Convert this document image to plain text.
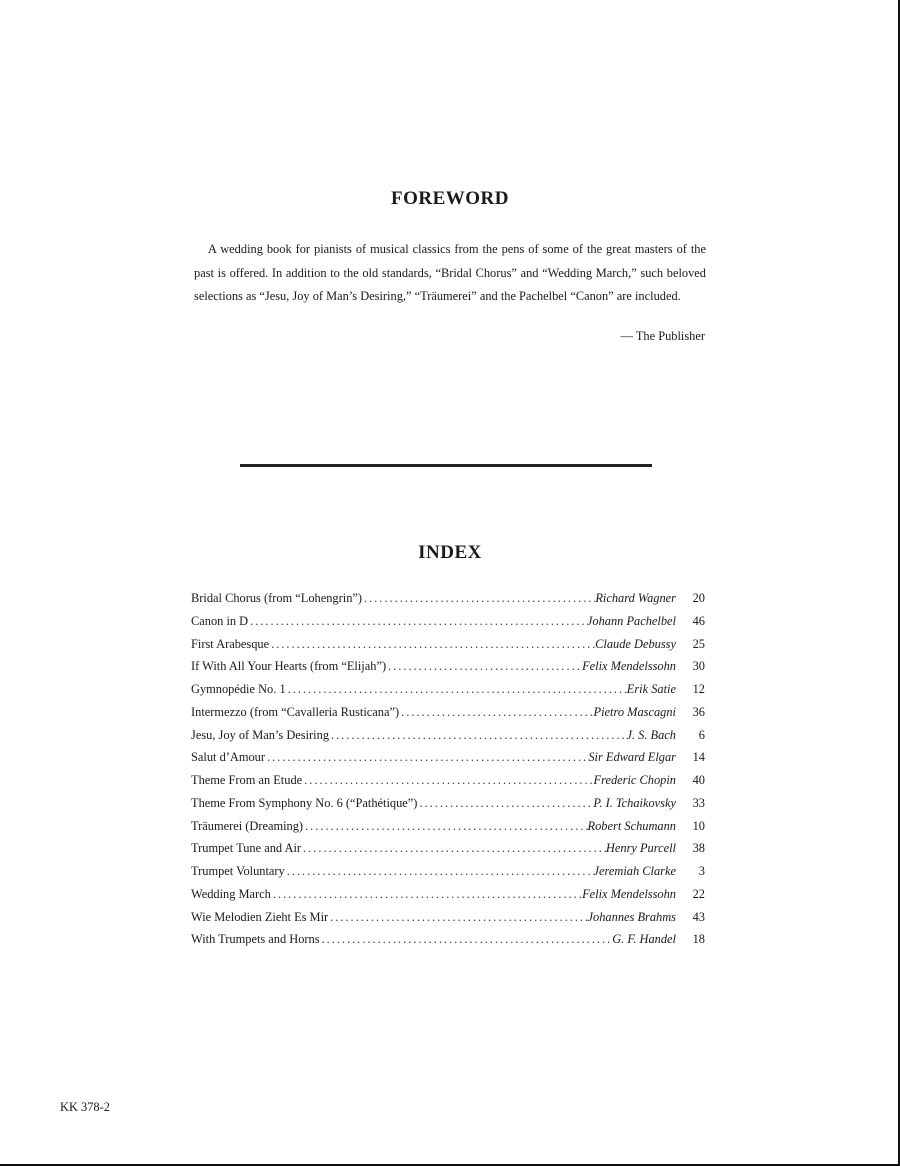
FOREWORD
A wedding book for pianists of musical classics from the pens of some of the great masters of the past is offered. In addition to the old standards, “Bridal Chorus” and “Wedding March,” such beloved selections as “Jesu, Joy of Man’s Desiring,” “Träumerei” and the Pachelbel “Canon” are included.
— The Publisher
INDEX
Bridal Chorus (from “Lohengrin”) .....	Richard Wagner	20
Canon in D .....	Johann Pachelbel	46
First Arabesque .....	Claude Debussy	25
If With All Your Hearts (from “Elijah”) .....	Felix Mendelssohn	30
Gymnopédie No. 1 .....	Erik Satie	12
Intermezzo (from “Cavalleria Rusticana”) .....	Pietro Mascagni	36
Jesu, Joy of Man’s Desiring .....	J. S. Bach	6
Salut d’Amour .....	Sir Edward Elgar	14
Theme From an Etude .....	Frederic Chopin	40
Theme From Symphony No. 6 (“Pathétique”) .....	P. I. Tchaikovsky	33
Träumerei (Dreaming) .....	Robert Schumann	10
Trumpet Tune and Air .....	Henry Purcell	38
Trumpet Voluntary .....	Jeremiah Clarke	3
Wedding March .....	Felix Mendelssohn	22
Wie Melodien Zieht Es Mir .....	Johannes Brahms	43
With Trumpets and Horns .....	G. F. Handel	18
KK 378-2
